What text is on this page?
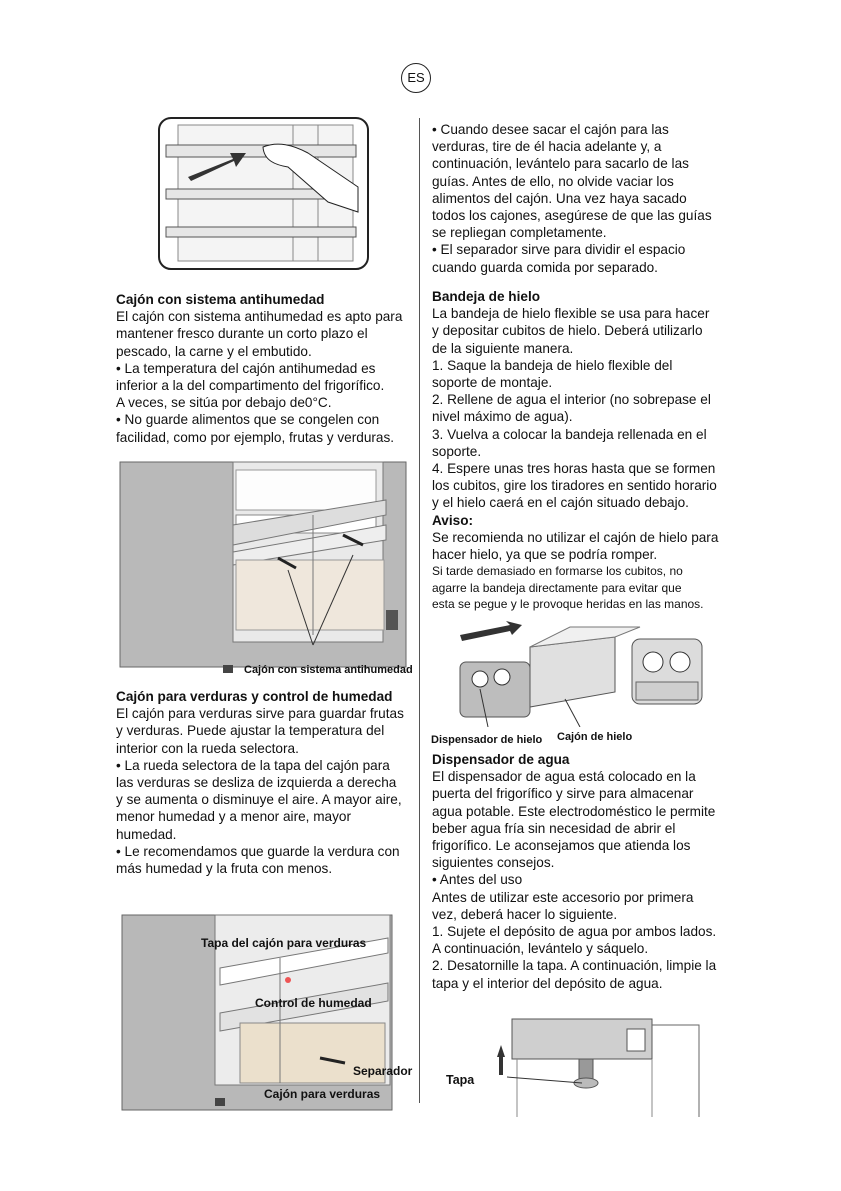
ES

Cajón con sistema antihumedad

El cajón con sistema antihumedad es apto para

mantener fresco durante un corto plazo el

pescado, la carne y el embutido.

• La temperatura del cajón antihumedad es

inferior a la del compartimento del frigorífico.

A veces, se sitúa por debajo de0°C.

• No guarde alimentos que se congelen con

facilidad, como por ejemplo, frutas y verduras.

Cajón con sistema antihumedad

Cajón para verduras y control de humedad

El cajón para verduras sirve para guardar frutas

y verduras. Puede ajustar la temperatura del

interior con la rueda selectora.

• La rueda selectora de la tapa del cajón para

las verduras se desliza de izquierda a derecha

y se aumenta o disminuye el aire. A mayor aire,

menor humedad y a menor aire, mayor

humedad.

• Le recomendamos que guarde la verdura con

más humedad y la fruta con menos.

Tapa del cajón para verduras
Control de humedad
Separador
Cajón para verduras

• Cuando desee sacar el cajón para las

verduras, tire de él hacia adelante y, a

continuación, levántelo para sacarlo de las

guías. Antes de ello, no olvide vaciar los

alimentos del cajón. Una vez haya sacado

todos los cajones, asegúrese de que las guías

se repliegan completamente.

• El separador sirve para dividir el espacio

cuando guarda comida por separado.

Bandeja de hielo

La bandeja de hielo flexible se usa para hacer

y depositar cubitos de hielo. Deberá utilizarlo

de la siguiente manera.

1. Saque la bandeja de hielo flexible del

soporte de montaje.

2. Rellene de agua el interior (no sobrepase el

nivel máximo de agua).

3. Vuelva a colocar la bandeja rellenada en el

soporte.

4. Espere unas tres horas hasta que se formen

los cubitos, gire los tiradores en sentido horario

y el hielo caerá en el cajón situado debajo.

Aviso:

Se recomienda no utilizar el cajón de hielo para

hacer hielo, ya que se podría romper.

Si tarde demasiado en formarse los cubitos, no

agarre la bandeja directamente para evitar que

esta se pegue y le provoque heridas en las manos.

Dispensador de hielo Cajón de hielo

Dispensador de agua

El dispensador de agua está colocado en la

puerta del frigorífico y sirve para almacenar

agua potable. Este electrodoméstico le permite

beber agua fría sin necesidad de abrir el

frigorífico. Le aconsejamos que atienda los

siguientes consejos.

• Antes del uso

Antes de utilizar este accesorio por primera

vez, deberá hacer lo siguiente.

1. Sujete el depósito de agua por ambos lados.

A continuación, levántelo y sáquelo.

2. Desatornille la tapa. A continuación, limpie la

tapa y el interior del depósito de agua.

Tapa
